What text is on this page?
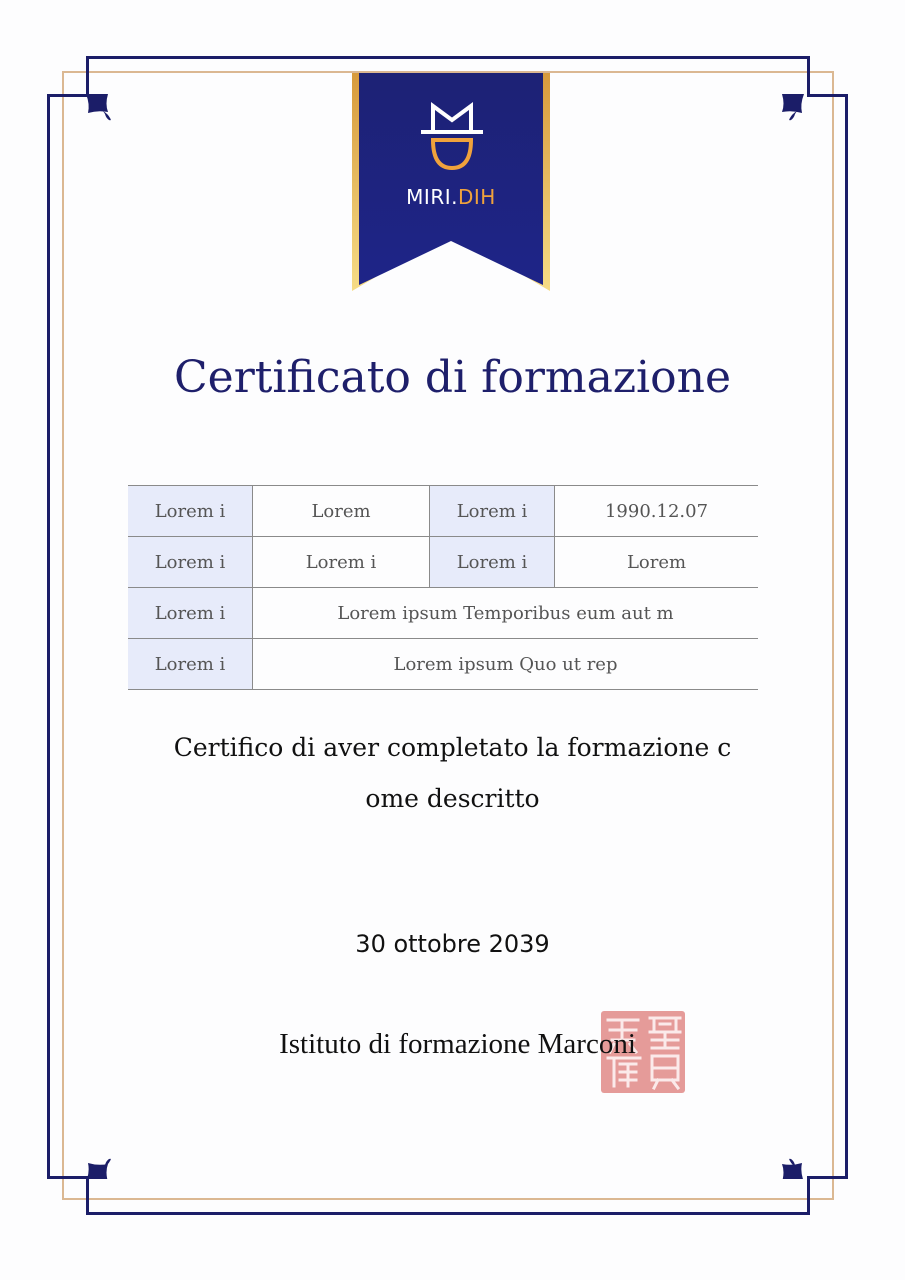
MIRI.DIH
Certificato di formazione
Lorem i	Lorem	Lorem i	1990.12.07
Lorem i	Lorem i	Lorem i	Lorem
Lorem i	Lorem ipsum Temporibus eum aut m		
Lorem i	Lorem ipsum Quo ut rep		
Certifico di aver completato la formazione c
ome descritto
30 ottobre 2039
Istituto di formazione Marconi
